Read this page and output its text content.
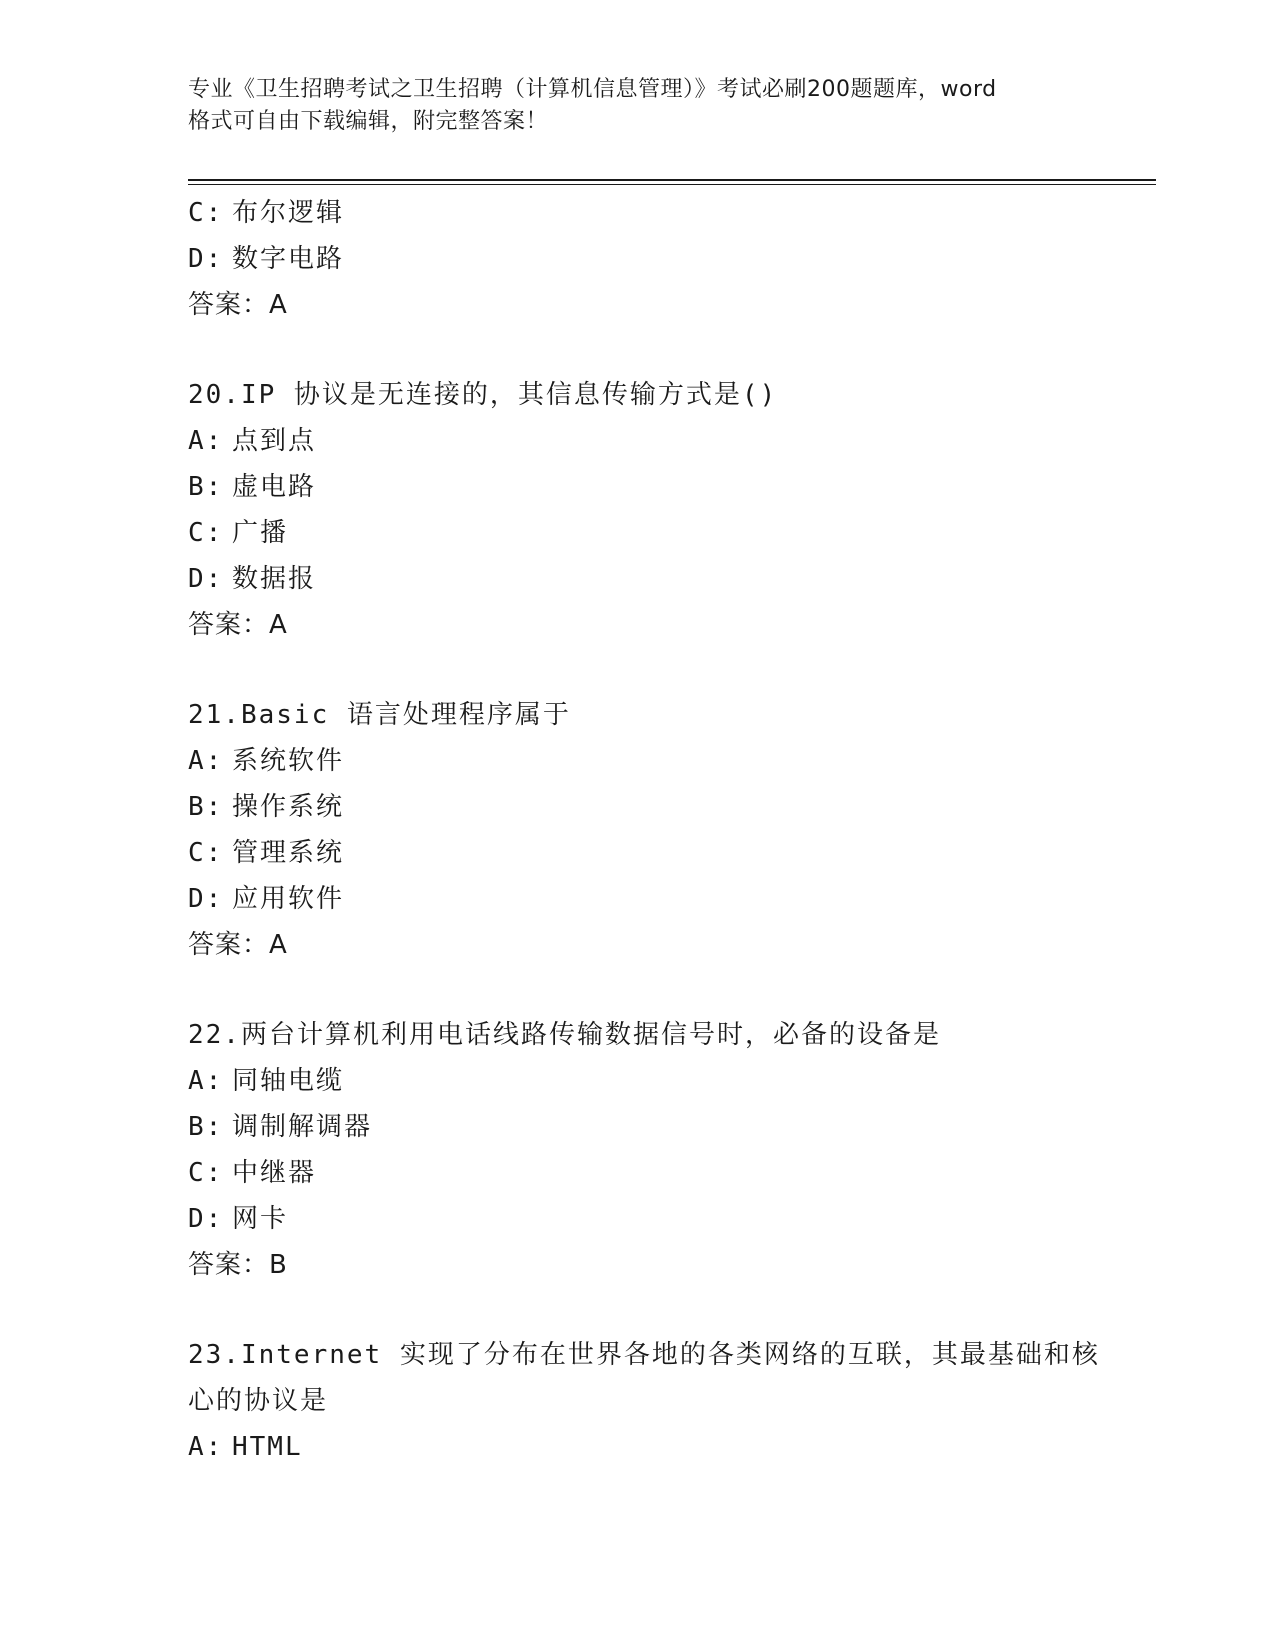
专业《卫生招聘考试之卫生招聘（计算机信息管理）》考试必刷200题题库，word
格式可自由下载编辑，附完整答案！
C: 布尔逻辑
D: 数字电路
答案：A
20.IP 协议是无连接的，其信息传输方式是()
A: 点到点
B: 虚电路
C: 广播
D: 数据报
答案：A
21.Basic 语言处理程序属于
A: 系统软件
B: 操作系统
C: 管理系统
D: 应用软件
答案：A
22.两台计算机利用电话线路传输数据信号时，必备的设备是
A: 同轴电缆
B: 调制解调器
C: 中继器
D: 网卡
答案：B
23.Internet 实现了分布在世界各地的各类网络的互联，其最基础和核
心的协议是
A: HTML
